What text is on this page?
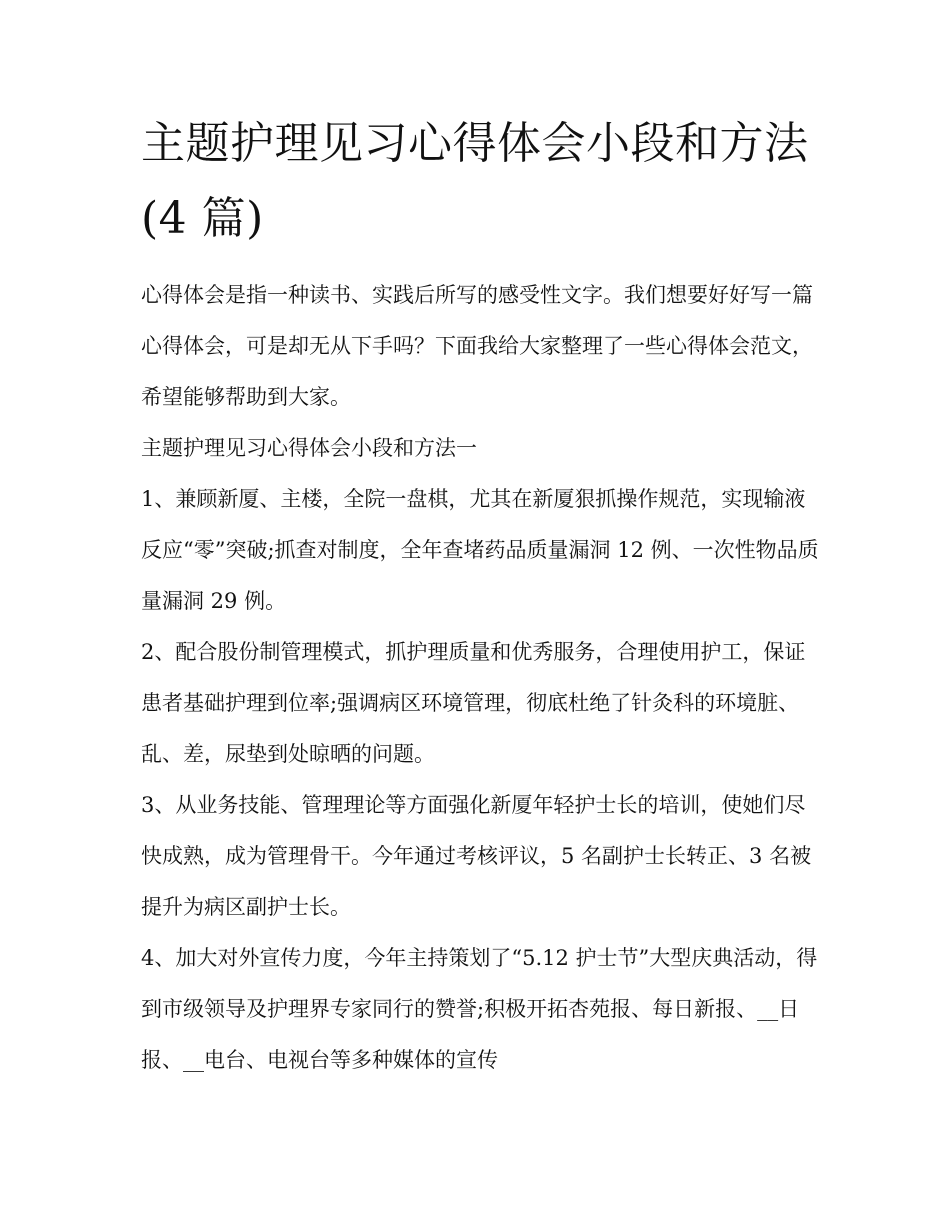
主题护理见习心得体会小段和方法(4 篇)

心得体会是指一种读书、实践后所写的感受性文字。我们想要好好写一篇心得体会，可是却无从下手吗？下面我给大家整理了一些心得体会范文，希望能够帮助到大家。

主题护理见习心得体会小段和方法一

1、兼顾新厦、主楼，全院一盘棋，尤其在新厦狠抓操作规范，实现输液反应“零”突破;抓查对制度，全年查堵药品质量漏洞 12 例、一次性物品质量漏洞 29 例。

2、配合股份制管理模式，抓护理质量和优秀服务，合理使用护工，保证患者基础护理到位率;强调病区环境管理，彻底杜绝了针灸科的环境脏、乱、差，尿垫到处晾晒的问题。

3、从业务技能、管理理论等方面强化新厦年轻护士长的培训，使她们尽快成熟，成为管理骨干。今年通过考核评议，5 名副护士长转正、3 名被提升为病区副护士长。

4、加大对外宣传力度，今年主持策划了“5.12 护士节”大型庆典活动，得到市级领导及护理界专家同行的赞誉;积极开拓杏苑报、每日新报、__日报、__电台、电视台等多种媒体的宣传
